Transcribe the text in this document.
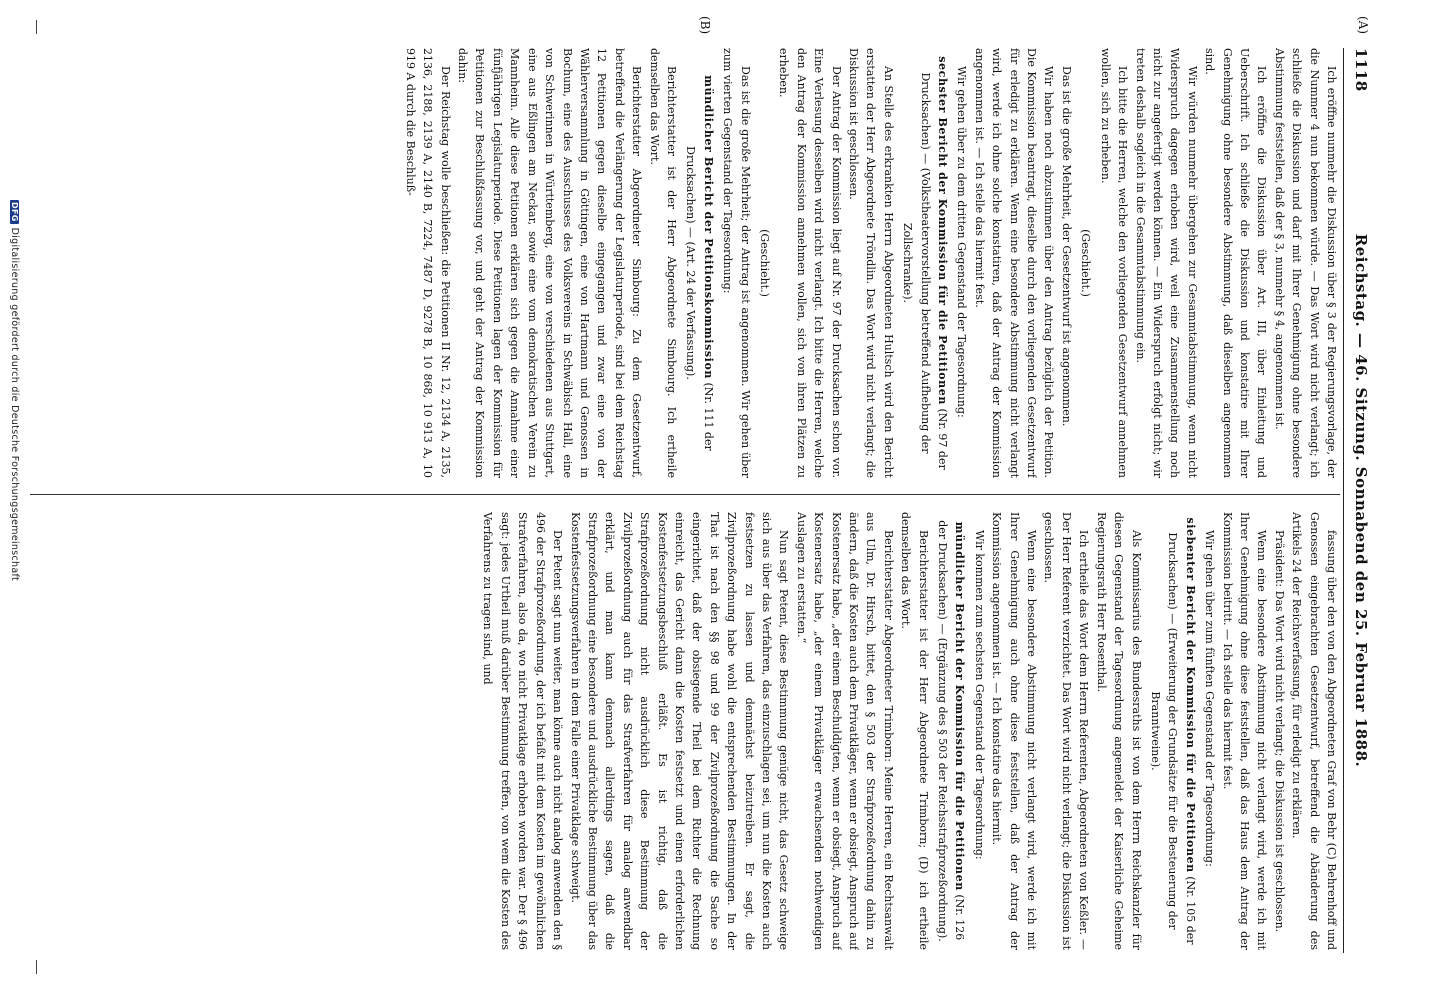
1118
Reichstag. — 46. Sitzung. Sonnabend den 25. Februar 1888.
(A)
(B)

Ich eröffne nunmehr die Diskussion über § 3 der Regierungsvorlage, der die Nummer 4 nun bekommen würde. — Das Wort wird nicht verlangt; ich schließe die Diskussion und darf mit Ihrer Genehmigung ohne besondere Abstimmung feststellen, daß der § 3, nunmehr § 4, angenommen ist.

Ich eröffne die Diskussion über Art. III, über Einleitung und Ueberschrift. Ich schließe die Diskussion und konstatire mit Ihrer Genehmigung ohne besondere Abstimmung, daß dieselben angenommen sind.

Wir würden nunmehr übergehen zur Gesammtabstimmung, wenn nicht Widerspruch dagegen erhoben wird, weil eine Zusammenstellung noch nicht zur angefertigt werden können. — Ein Widerspruch erfolgt nicht; wir treten deshalb sogleich in die Gesammtabstimmung ein.

Ich bitte die Herren, welche den vorliegenden Gesetzentwurf annehmen wollen, sich zu erheben.

(Geschieht.)

Das ist die große Mehrheit, der Gesetzentwurf ist angenommen.

Wir haben noch abzustimmen über den Antrag bezüglich der Petition. Die Kommission beantragt, dieselbe durch den vorliegenden Gesetzentwurf für erledigt zu erklären. Wenn eine besondere Abstimmung nicht verlangt wird, werde ich ohne solche konstatiren, daß der Antrag der Kommission angenommen ist. — Ich stelle das hiermit fest.

Wir gehen über zu dem dritten Gegenstand der Tagesordnung:

sechster Bericht der Kommission für die Petitionen (Nr. 97 der Drucksachen) — (Volkstheatervorstellung betreffend Aufhebung der Zollschranke).

An Stelle des erkrankten Herrn Abgeordneten Hultsch wird den Bericht erstatten der Herr Abgeordnete Tröndlin. Das Wort wird nicht verlangt; die Diskussion ist geschlossen.

Der Antrag der Kommission liegt auf Nr. 97 der Drucksachen schon vor. Eine Verlesung desselben wird nicht verlangt. Ich bitte die Herren, welche den Antrag der Kommission annehmen wollen, sich von ihren Plätzen zu erheben.

(Geschieht.)

Das ist die große Mehrheit; der Antrag ist angenommen. Wir gehen über zum vierten Gegenstand der Tagesordnung:

mündlicher Bericht der Petitionskommission (Nr. 111 der Drucksachen) — (Art. 24 der Verfassung).

Berichterstatter ist der Herr Abgeordnete Simbourg. Ich ertheile demselben das Wort.

Berichterstatter Abgeordneter Simbourg: Zu dem Gesetzentwurf, betreffend die Verlängerung der Legislaturperiode, sind bei dem Reichstag 12 Petitionen gegen dieselbe eingegangen und zwar eine von der Wählerversammlung in Göttingen, eine von Hartmann und Genossen in Bochum, eine des Ausschusses des Volksvereins in Schwäbisch Hall, eine von Schwerinnen in Württemberg, eine von verschiedenen aus Stuttgart, eine aus Eßlingen am Neckar, sowie eine vom demokratischen Verein zu Mannheim. Alle diese Petitionen erklären sich gegen die Annahme einer fünfjährigen Legislaturperiode. Diese Petitionen lagen der Kommission für Petitionen zur Beschlußfassung vor, und geht der Antrag der Kommission dahin:

Der Reichstag wolle beschließen: die Petitionen II Nr. 12, 2134 A, 2135, 2136, 2188, 2139 A, 2140 B, 7224, 7487 D, 9278 B, 10 868, 10 913 A, 10 919 A durch die Beschluß-

fassung über den von den Abgeordneten Graf von Behr (C) Behrenhoff und Genossen eingebrachten Gesetzentwurf, betreffend die Abänderung des Artikels 24 der Reichsverfassung, für erledigt zu erklären.

Präsident: Das Wort wird nicht verlangt; die Diskussion ist geschlossen.

Wenn eine besondere Abstimmung nicht verlangt wird, werde ich mit Ihrer Genehmigung ohne diese feststellen, daß das Haus dem Antrag der Kommission beitritt. — Ich stelle das hiermit fest.

Wir gehen über zum fünften Gegenstand der Tagesordnung:

siebenter Bericht der Kommission für die Petitionen (Nr. 105 der Drucksachen) — (Erweiterung der Grundsätze für die Besteuerung der Branntweine).

Als Kommissarius des Bundesraths ist von dem Herrn Reichskanzler für diesen Gegenstand der Tagesordnung angemeldet der Kaiserliche Geheime Regierungsrath Herr Rosenthal.

Ich ertheile das Wort dem Herrn Referenten, Abgeordneten von Keßler. — Der Herr Referent verzichtet. Das Wort wird nicht verlangt; die Diskussion ist geschlossen.

Wenn eine besondere Abstimmung nicht verlangt wird, werde ich mit Ihrer Genehmigung auch ohne diese feststellen, daß der Antrag der Kommission angenommen ist. — Ich konstatire das hiermit.

Wir kommen zum sechsten Gegenstand der Tagesordnung:

mündlicher Bericht der Kommission für die Petitionen (Nr. 126 der Drucksachen) — (Ergänzung des § 503 der Reichsstrafprozeßordnung).

Berichterstatter ist der Herr Abgeordnete Trimborn; (D) ich ertheile demselben das Wort.

Berichterstatter Abgeordneter Trimborn: Meine Herren, ein Rechtsanwalt aus Ulm, Dr. Hirsch, bittet, den § 503 der Strafprozeßordnung dahin zu ändern, daß die Kosten auch dem Privatkläger, wenn er obsiegt, Anspruch auf Kostenersatz habe, „der einem Beschuldigten, wenn er obsiegt, Anspruch auf Kostenersatz habe, „der einem Privatkläger erwachsenden nothwendigen Auslagen zu erstatten.“

Nun sagt Petent, diese Bestimmung genüge nicht, das Gesetz schweige sich aus über das Verfahren, das einzuschlagen sei, um nun die Kosten auch festsetzen zu lassen und demnächst beizutreiben. Er sagt, die Zivilprozeßordnung habe wohl die entsprechenden Bestimmungen. In der That ist nach den §§ 98 und 99 der Zivilprozeßordnung die Sache so eingerichtet, daß der obsiegende Theil bei dem Richter die Rechnung einreicht, das Gericht dann die Kosten festsetzt und einen erforderlichen Kostenfestsetzungsbeschluß erläßt. Es ist richtig, daß die Strafprozeßordnung nicht ausdrücklich diese Bestimmung der Zivilprozeßordnung auch für das Strafverfahren für analog anwendbar erklärt, und man kann demnach allerdings sagen, daß die Strafprozeßordnung eine besondere und ausdrückliche Bestimmung über das Kostenfestsetzungsverfahren in dem Falle einer Privatklage schweigt.

Der Petent sagt nun weiter, man könne auch nicht analog anwenden den § 496 der Strafprozeßordnung, der ich befaßt mit dem Kosten im gewöhnlichen Strafverfahren, also da, wo nicht Privatklage erhoben worden war. Der § 496 sagt: jedes Urtheil muß darüber Bestimmung treffen, von wem die Kosten des Verfahrens zu tragen sind, und

DFGDigitalisierung gefördert durch die Deutsche Forschungsgemeinschaft
